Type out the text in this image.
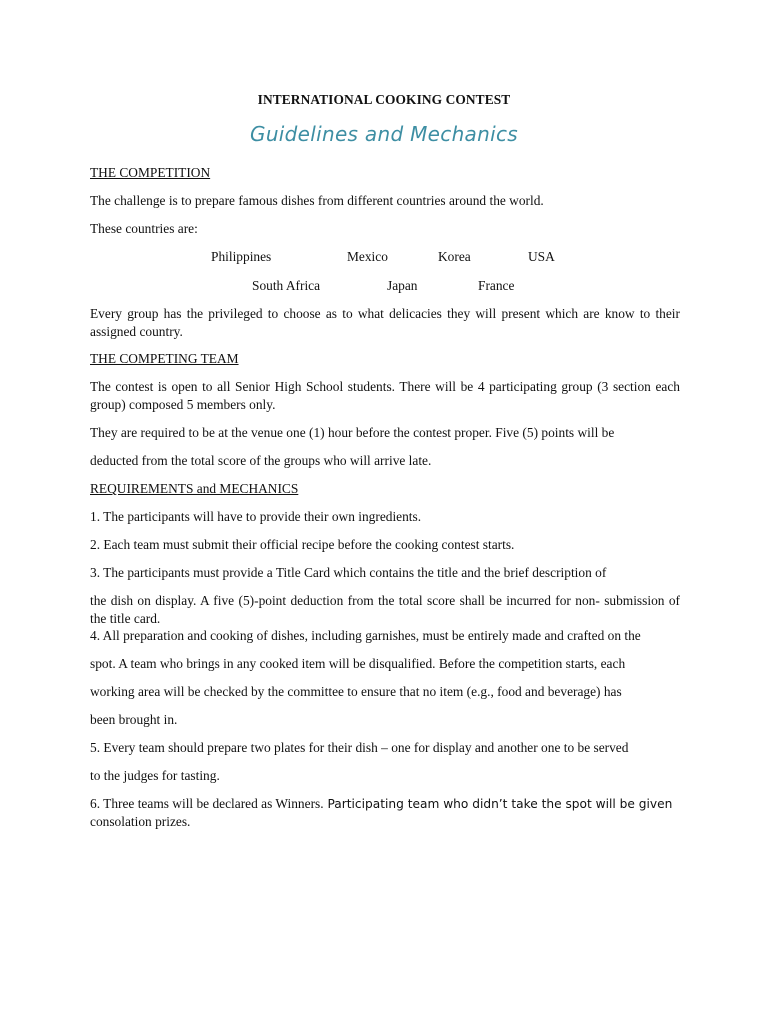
INTERNATIONAL COOKING CONTEST
Guidelines and Mechanics
THE COMPETITION
The challenge is to prepare famous dishes from different countries around the world.
These countries are:
Philippines	Mexico	Korea	USA
South Africa	Japan	France
Every group has the privileged to choose as to what delicacies they will present which are know to their assigned country.
THE COMPETING TEAM
The contest is open to all Senior High School students. There will be 4 participating group (3 section each group) composed 5 members only.
They are required to be at the venue one (1) hour before the contest proper. Five (5) points will be
deducted from the total score of the groups who will arrive late.
REQUIREMENTS and MECHANICS
1. The participants will have to provide their own ingredients.
2. Each team must submit their official recipe before the cooking contest starts.
3. The participants must provide a Title Card which contains the title and the brief description of
the dish on display. A five (5)-point deduction from the total score shall be incurred for non- submission of the title card.
4. All preparation and cooking of dishes, including garnishes, must be entirely made and crafted on the
spot. A team who brings in any cooked item will be disqualified. Before the competition starts, each
working area will be checked by the committee to ensure that no item (e.g., food and beverage) has
been brought in.
5. Every team should prepare two plates for their dish – one for display and another one to be served
to the judges for tasting.
6. Three teams will be declared as Winners. Participating team who didn’t take the spot will be given
consolation prizes.
